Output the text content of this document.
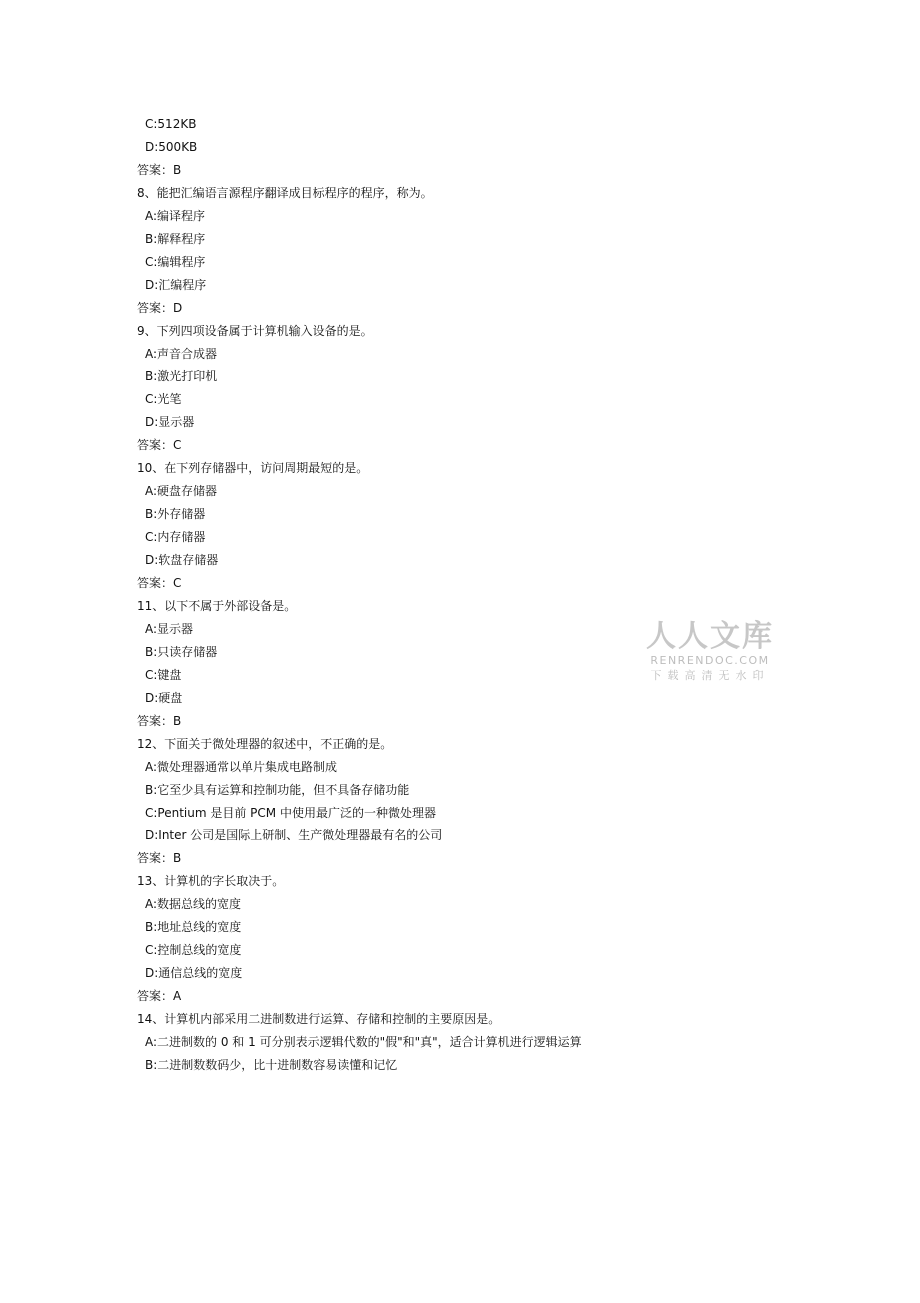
C:512KB
D:500KB
答案：B
8、能把汇编语言源程序翻译成目标程序的程序，称为。
A:编译程序
B:解释程序
C:编辑程序
D:汇编程序
答案：D
9、下列四项设备属于计算机输入设备的是。
A:声音合成器
B:激光打印机
C:光笔
D:显示器
答案：C
10、在下列存储器中，访问周期最短的是。
A:硬盘存储器
B:外存储器
C:内存储器
D:软盘存储器
答案：C
11、以下不属于外部设备是。
A:显示器
B:只读存储器
C:键盘
D:硬盘
答案：B
12、下面关于微处理器的叙述中，不正确的是。
A:微处理器通常以单片集成电路制成
B:它至少具有运算和控制功能，但不具备存储功能
C:Pentium 是目前 PCM 中使用最广泛的一种微处理器
D:Inter 公司是国际上研制、生产微处理器最有名的公司
答案：B
13、计算机的字长取决于。
A:数据总线的宽度
B:地址总线的宽度
C:控制总线的宽度
D:通信总线的宽度
答案：A
14、计算机内部采用二进制数进行运算、存储和控制的主要原因是。
A:二进制数的 0 和 1 可分别表示逻辑代数的"假"和"真"，适合计算机进行逻辑运算
B:二进制数数码少，比十进制数容易读懂和记忆
人人文库
RENRENDOC.COM
下载高清无水印
